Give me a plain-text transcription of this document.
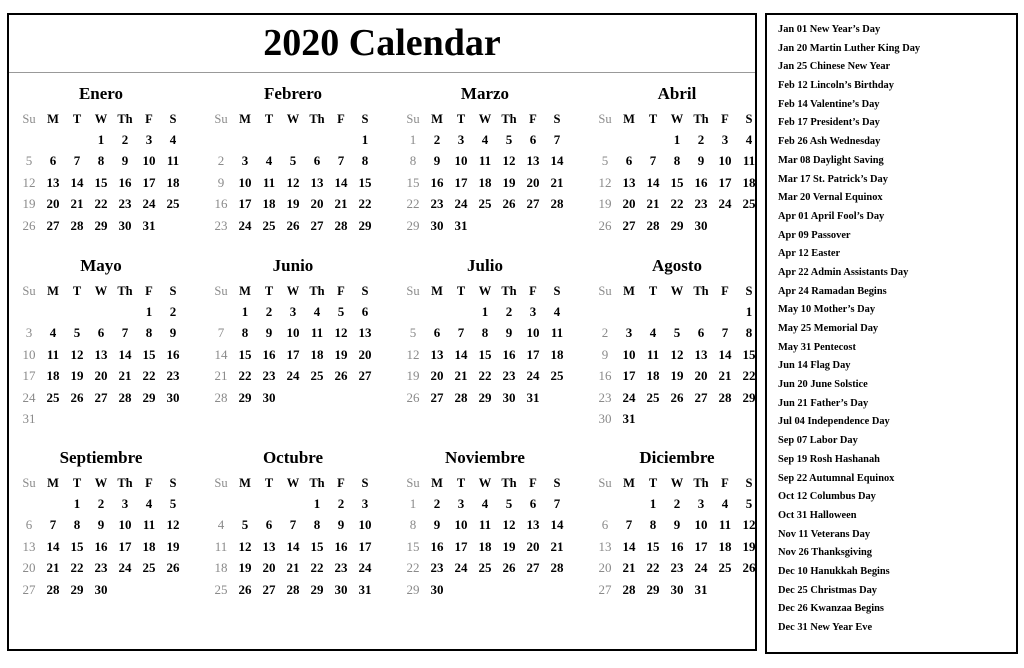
2020 Calendar
Enero
Su	M	T	W	Th	F	S
			1	2	3	4
5	6	7	8	9	10	11
12	13	14	15	16	17	18
19	20	21	22	23	24	25
26	27	28	29	30	31	
Febrero
Su	M	T	W	Th	F	S
						1
2	3	4	5	6	7	8
9	10	11	12	13	14	15
16	17	18	19	20	21	22
23	24	25	26	27	28	29
Marzo
Su	M	T	W	Th	F	S
1	2	3	4	5	6	7
8	9	10	11	12	13	14
15	16	17	18	19	20	21
22	23	24	25	26	27	28
29	30	31				
Abril
Su	M	T	W	Th	F	S
			1	2	3	4
5	6	7	8	9	10	11
12	13	14	15	16	17	18
19	20	21	22	23	24	25
26	27	28	29	30		
Mayo
Su	M	T	W	Th	F	S
					1	2
3	4	5	6	7	8	9
10	11	12	13	14	15	16
17	18	19	20	21	22	23
24	25	26	27	28	29	30
31						
Junio
Su	M	T	W	Th	F	S
	1	2	3	4	5	6
7	8	9	10	11	12	13
14	15	16	17	18	19	20
21	22	23	24	25	26	27
28	29	30				
Julio
Su	M	T	W	Th	F	S
			1	2	3	4
5	6	7	8	9	10	11
12	13	14	15	16	17	18
19	20	21	22	23	24	25
26	27	28	29	30	31	
Agosto
Su	M	T	W	Th	F	S
						1
2	3	4	5	6	7	8
9	10	11	12	13	14	15
16	17	18	19	20	21	22
23	24	25	26	27	28	29
30	31					
Septiembre
Su	M	T	W	Th	F	S
		1	2	3	4	5
6	7	8	9	10	11	12
13	14	15	16	17	18	19
20	21	22	23	24	25	26
27	28	29	30			
Octubre
Su	M	T	W	Th	F	S
				1	2	3
4	5	6	7	8	9	10
11	12	13	14	15	16	17
18	19	20	21	22	23	24
25	26	27	28	29	30	31
Noviembre
Su	M	T	W	Th	F	S
1	2	3	4	5	6	7
8	9	10	11	12	13	14
15	16	17	18	19	20	21
22	23	24	25	26	27	28
29	30					
Diciembre
Su	M	T	W	Th	F	S
		1	2	3	4	5
6	7	8	9	10	11	12
13	14	15	16	17	18	19
20	21	22	23	24	25	26
27	28	29	30	31		
Jan 01 New Year’s Day
Jan 20 Martin Luther King Day
Jan 25 Chinese New Year
Feb 12 Lincoln’s Birthday
Feb 14 Valentine’s Day
Feb 17 President’s Day
Feb 26 Ash Wednesday
Mar 08 Daylight Saving
Mar 17 St. Patrick’s Day
Mar 20 Vernal Equinox
Apr 01 April Fool’s Day
Apr 09 Passover
Apr 12 Easter
Apr 22 Admin Assistants Day
Apr 24 Ramadan Begins
May 10 Mother’s Day
May 25 Memorial Day
May 31 Pentecost
Jun 14 Flag Day
Jun 20 June Solstice
Jun 21 Father’s Day
Jul 04 Independence Day
Sep 07 Labor Day
Sep 19 Rosh Hashanah
Sep 22 Autumnal Equinox
Oct 12 Columbus Day
Oct 31 Halloween
Nov 11 Veterans Day
Nov 26 Thanksgiving
Dec 10 Hanukkah Begins
Dec 25 Christmas Day
Dec 26 Kwanzaa Begins
Dec 31 New Year Eve
